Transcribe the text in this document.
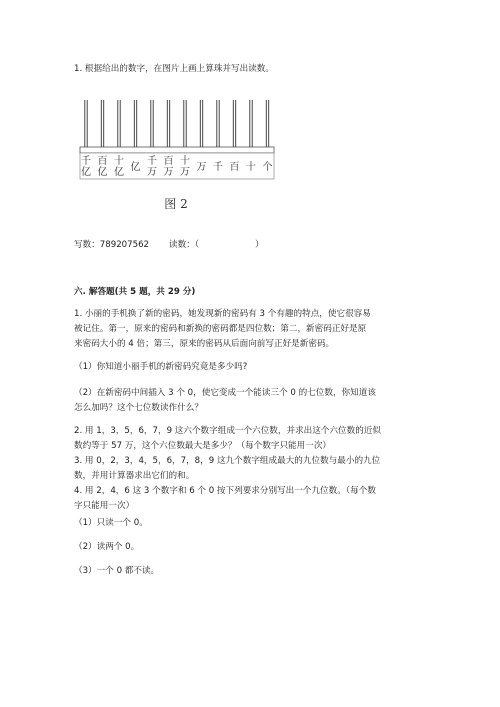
1. 根据给出的数字，在图片上画上算珠并写出读数。
千
亿
百
亿
十
亿 亿
千
万
百
万
十
万 万 千 百 十 个
图 2
写数：789207562 读数：（	）
六. 解答题(共 5 题，共 29 分)
1. 小丽的手机换了新的密码，她发现新的密码有 3 个有趣的特点，使它很容易
被记住。第一，原来的密码和新换的密码都是四位数；第二，新密码正好是原
来密码大小的 4 倍；第三，原来的密码从后面向前写正好是新密码。
（1）你知道小丽手机的新密码究竟是多少吗?
（2）在新密码中间插入 3 个 0，使它变成一个能读三个 0 的七位数，你知道该
怎么加吗？这个七位数读作什么？
2. 用 1，3，5，6，7，9 这六个数字组成一个六位数，并求出这个六位数的近似
数约等于 57 万，这个六位数最大是多少？（每个数字只能用一次）
3. 用 0，2，3，4，5，6，7，8，9 这九个数字组成最大的九位数与最小的九位
数，并用计算器求出它们的和。
4. 用 2，4，6 这 3 个数字和 6 个 0 按下列要求分别写出一个九位数。（每个数
字只能用一次）
（1）只读一个 0。
（2）读两个 0。
（3）一个 0 都不读。
